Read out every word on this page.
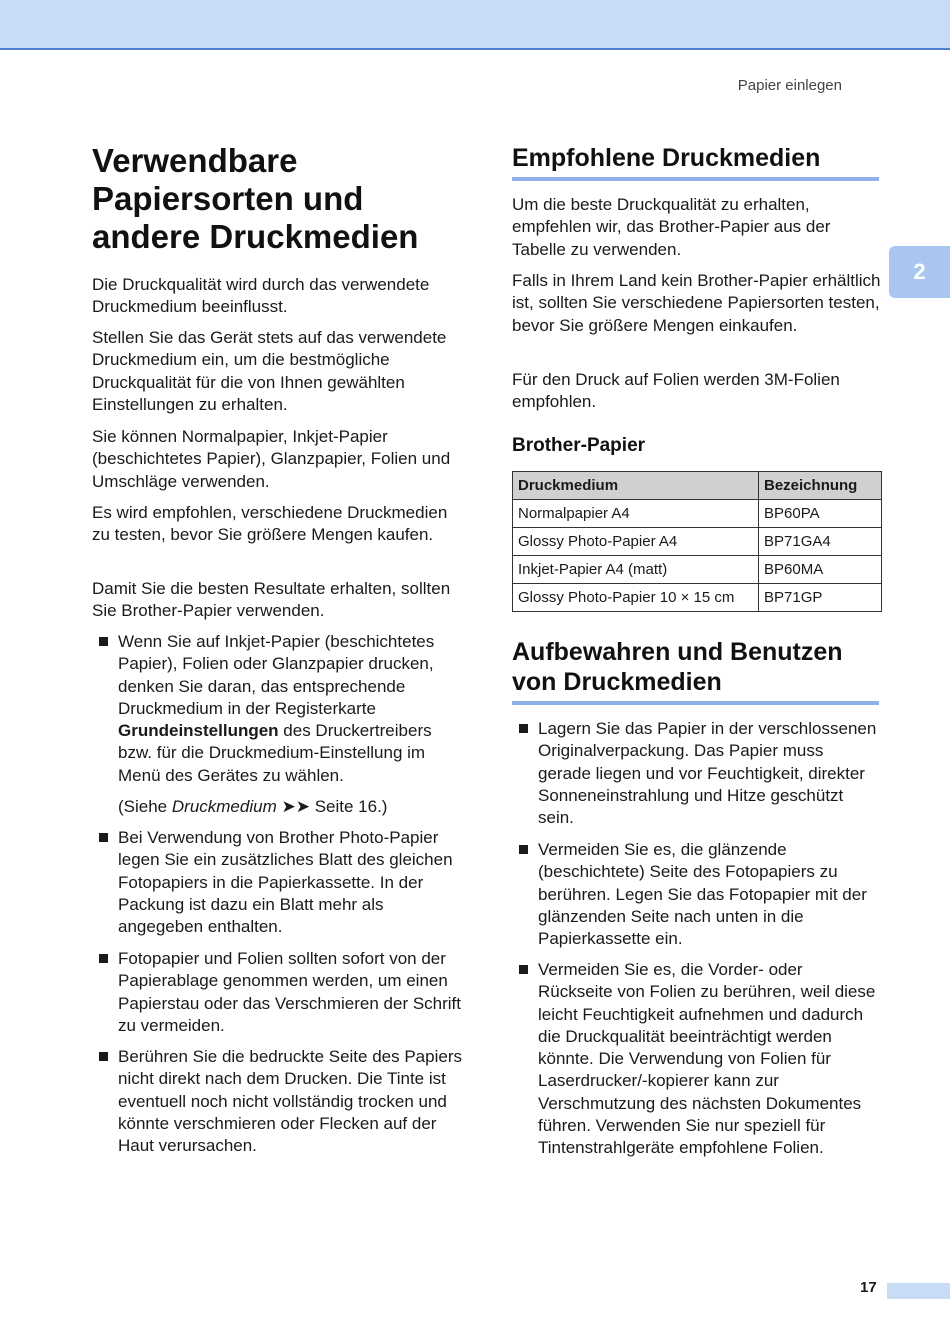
Papier einlegen
2
Verwendbare Papiersorten und andere Druckmedien

Die Druckqualität wird durch das verwendete Druckmedium beeinflusst.

Stellen Sie das Gerät stets auf das verwendete Druckmedium ein, um die bestmögliche Druckqualität für die von Ihnen gewählten Einstellungen zu erhalten.

Sie können Normalpapier, Inkjet-Papier (beschichtetes Papier), Glanzpapier, Folien und Umschläge verwenden.

Es wird empfohlen, verschiedene Druckmedien zu testen, bevor Sie größere Mengen kaufen.

Damit Sie die besten Resultate erhalten, sollten Sie Brother-Papier verwenden.

Wenn Sie auf Inkjet-Papier (beschichtetes Papier), Folien oder Glanzpapier drucken, denken Sie daran, das entsprechende Druckmedium in der Registerkarte Grundeinstellungen des Druckertreibers bzw. für die Druckmedium-Einstellung im Menü des Gerätes zu wählen.

(Siehe Druckmedium ➤➤ Seite 16.)

Bei Verwendung von Brother Photo-Papier legen Sie ein zusätzliches Blatt des gleichen Fotopapiers in die Papierkassette. In der Packung ist dazu ein Blatt mehr als angegeben enthalten.

Fotopapier und Folien sollten sofort von der Papierablage genommen werden, um einen Papierstau oder das Verschmieren der Schrift zu vermeiden.

Berühren Sie die bedruckte Seite des Papiers nicht direkt nach dem Drucken. Die Tinte ist eventuell noch nicht vollständig trocken und könnte verschmieren oder Flecken auf der Haut verursachen.

Empfohlene Druckmedien

Um die beste Druckqualität zu erhalten, empfehlen wir, das Brother-Papier aus der Tabelle zu verwenden.

Falls in Ihrem Land kein Brother-Papier erhältlich ist, sollten Sie verschiedene Papiersorten testen, bevor Sie größere Mengen einkaufen.

Für den Druck auf Folien werden 3M-Folien empfohlen.

Brother-Papier
Druckmedium	Bezeichnung
Normalpapier A4	BP60PA
Glossy Photo-Papier A4	BP71GA4
Inkjet-Papier A4 (matt)	BP60MA
Glossy Photo-Papier 10 × 15 cm	BP71GP
Aufbewahren und Benutzen von Druckmedien

Lagern Sie das Papier in der verschlossenen Originalverpackung. Das Papier muss gerade liegen und vor Feuchtigkeit, direkter Sonneneinstrahlung und Hitze geschützt sein.

Vermeiden Sie es, die glänzende (beschichtete) Seite des Fotopapiers zu berühren. Legen Sie das Fotopapier mit der glänzenden Seite nach unten in die Papierkassette ein.

Vermeiden Sie es, die Vorder- oder Rückseite von Folien zu berühren, weil diese leicht Feuchtigkeit aufnehmen und dadurch die Druckqualität beeinträchtigt werden könnte. Die Verwendung von Folien für Laserdrucker/-kopierer kann zur Verschmutzung des nächsten Dokumentes führen. Verwenden Sie nur speziell für Tintenstrahlgeräte empfohlene Folien.

17
